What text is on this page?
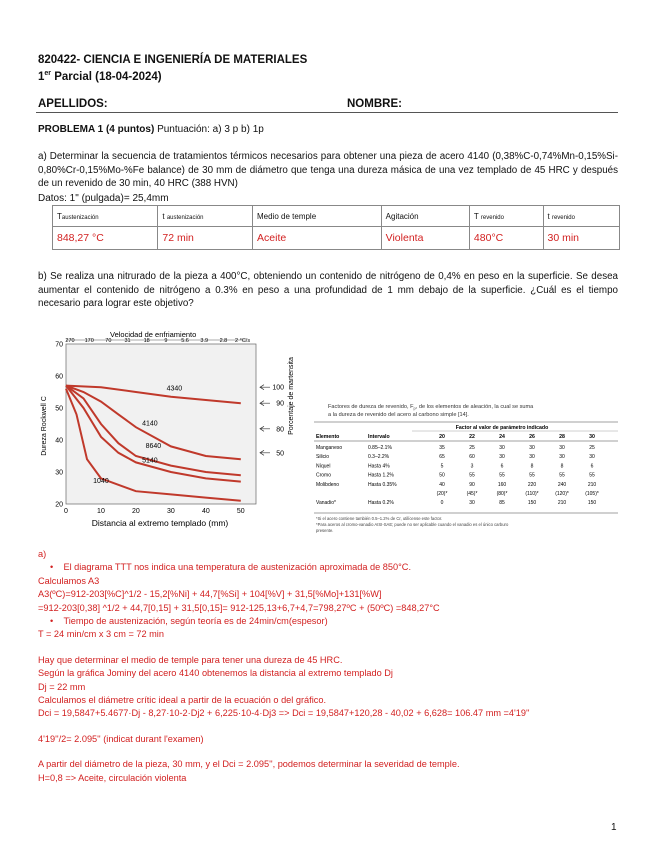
820422- CIENCIA E INGENIERÍA DE MATERIALES
1er Parcial (18-04-2024)
APELLIDOS:	NOMBRE:
PROBLEMA 1 (4 puntos) Puntuación: a) 3 p b) 1p
a) Determinar la secuencia de tratamientos térmicos necesarios para obtener una pieza de acero 4140 (0,38%C-0,74%Mn-0,15%Si-0,80%Cr-0,15%Mo-%Fe balance) de 30 mm de diámetro que tenga una dureza másica de una vez templado de 45 HRC y después de un revenido de 30 min, 40 HRC (388 HVN)
Datos: 1" (pulgada)= 25,4mm
Taustenización	t austenización	Medio de temple	Agitación	T revenido	t revenido
848,27 °C	72 min	Aceite	Violenta	480°C	30 min
b) Se realiza una nitrurado de la pieza a 400°C, obteniendo un contenido de nitrógeno de 0,4% en peso en la superficie. Se desea aumentar el contenido de nitrógeno a 0.3% en peso a una profundidad de 1 mm debajo de la superficie. ¿Cuál es el tiempo necesario para lograr este objetivo?
Velocidad de enfriamiento
270 170 70 31 18	9	5.6 3.9 2.8 2 °C/s
20
30
40
50
60
70
0	10	20	30	40	50
4340
4140
8640
5140
1040
100
90
80
50
Dureza Rockwell C	Porcentaje de martensita
Distancia al extremo templado (mm)
Factores de dureza de revenido, $F_p$, de los elementos de aleación, la cual se suma
a la dureza de revenido del acero al carbono simple [14].
Factor al valor de parámetro indicado
Elemento	Intervalo	20	22	24	26	28	30
Manganeso	0.85–2.1%	35	25	30	30	30	25
Silicio	0.3–2.2%	65	60	30	30	30	30
Níquel	Hasta 4%	5	3	6	8	8	6
Cromo	Hasta 1.2%	50	55	55	55	55	55
Molibdeno	Hasta 0.35%	40	90	160	220	240	210
(20)*	(45)*	(80)*	(110)*	(120)*	(105)*
Vanadio*	Hasta 0.2%	0	30	85	150	210	150
*Si el acero contiene también 0.5–1.2% de Cr, utilícense este factor.
*Para aceros al cromo-vanadio AISI-SAE; puede no ser aplicable cuando el vanadio es el único carburo
presente.
a)
•    El diagrama TTT nos indica una temperatura de austenización aproximada de 850°C.
Calculamos A3
A3(ºC)=912-203[%C]^1/2 - 15,2[%Ni] + 44,7[%Si] + 104[%V] + 31,5[%Mo]+131[%W]
=912-203[0,38] ^1/2 + 44,7[0,15] + 31,5[0,15]= 912-125,13+6,7+4,7=798,27ºC + (50ºC) =848,27°C
•    Tiempo de austenización, según teoría es de 24min/cm(espesor)
T = 24 min/cm x 3 cm = 72 min
Hay que determinar el medio de temple para tener una dureza de 45 HRC.
Según la gráfica Jominy del acero 4140 obtenemos la distancia al extremo templado Dj
Dj = 22 mm
Calculamos el diámetre crític ideal a partir de la ecuación o del gráfico.
Dci = 19,5847+5.4677·Dj - 8,27·10-2·Dj2 + 6,225·10-4·Dj3 => Dci = 19,5847+120,28 - 40,02 + 6,628= 106.47 mm =4'19''
4'19''/2= 2.095'' (indicat durant l'examen)
A partir del diámetro de la pieza, 30 mm, y el Dci = 2.095'', podemos determinar la severidad de temple.
H=0,8 => Aceite, circulación violenta
1
